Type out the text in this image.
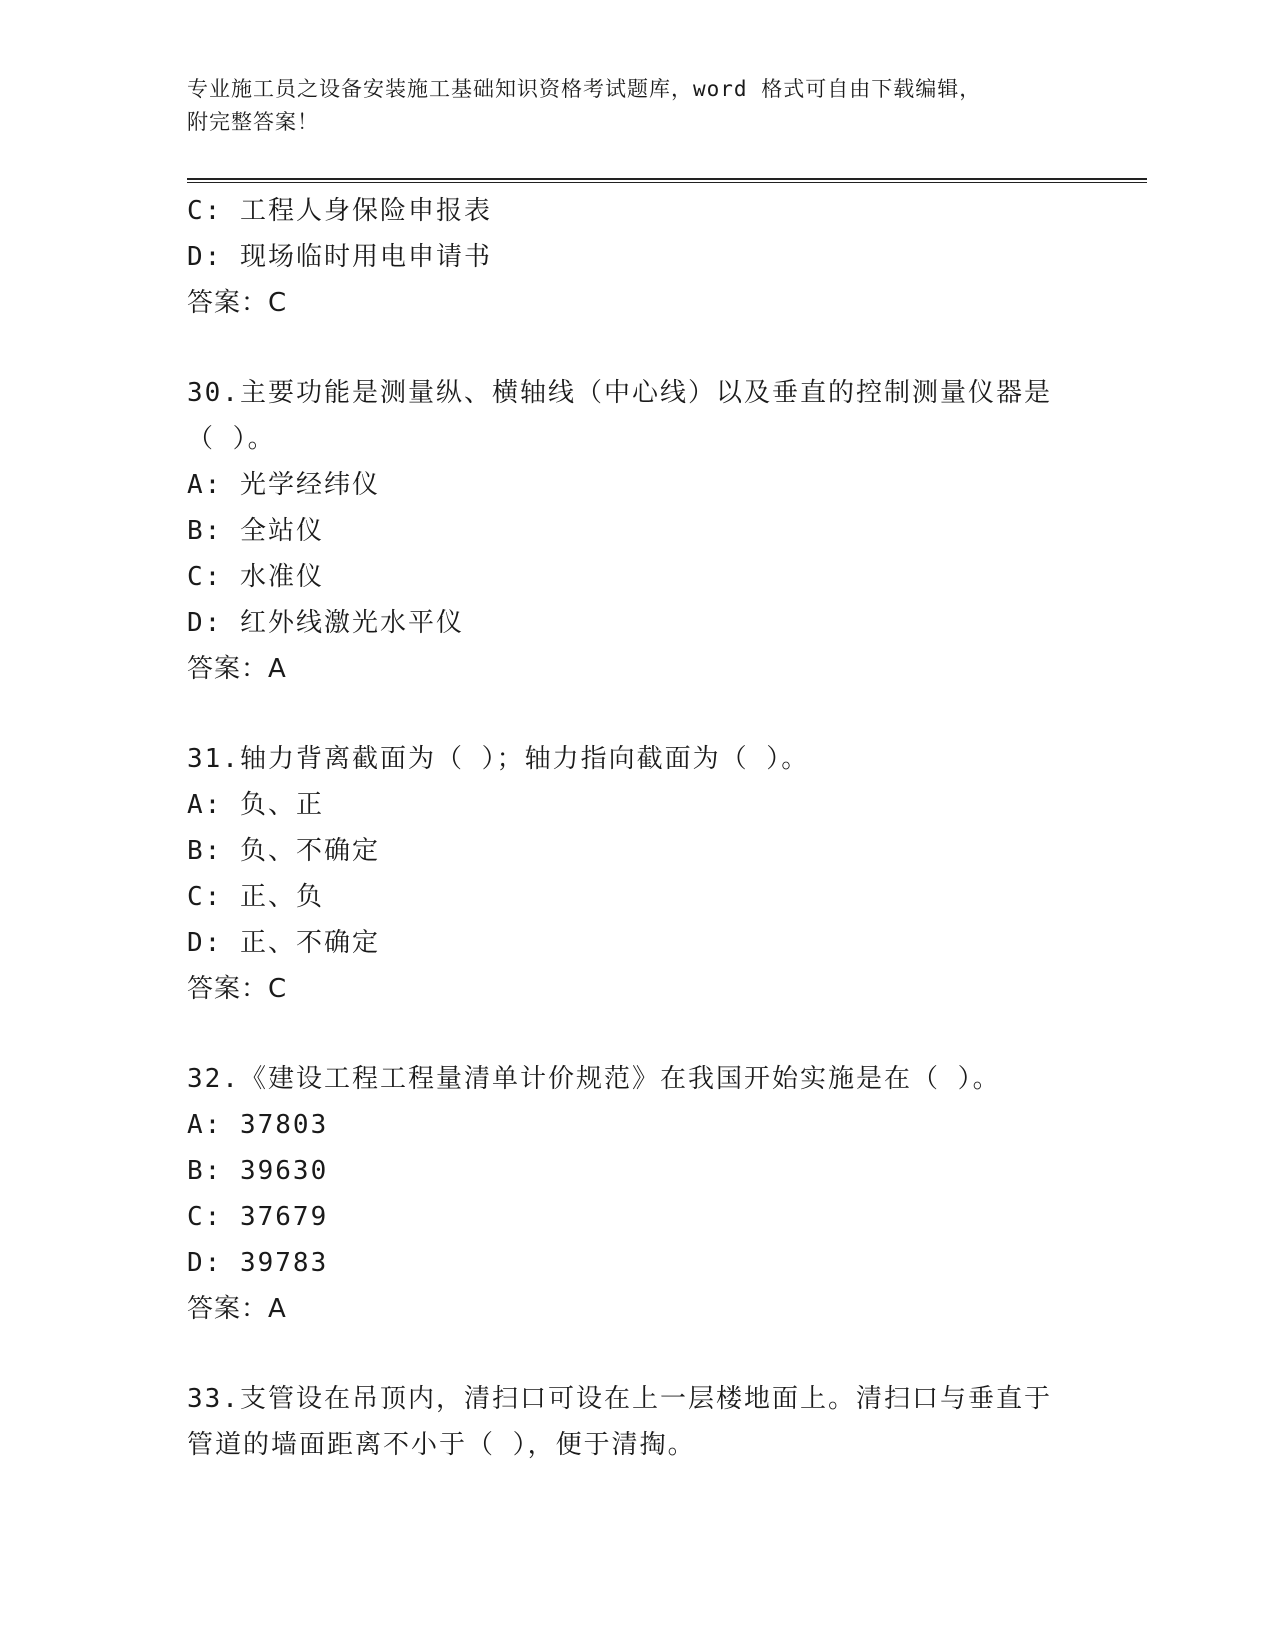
专业施工员之设备安装施工基础知识资格考试题库，word 格式可自由下载编辑，
附完整答案！
C: 工程人身保险申报表
D: 现场临时用电申请书
答案：C
30.主要功能是测量纵、横轴线（中心线）以及垂直的控制测量仪器是
（ ）。
A: 光学经纬仪
B: 全站仪
C: 水准仪
D: 红外线激光水平仪
答案：A
31.轴力背离截面为（ ）；轴力指向截面为（ ）。
A: 负、正
B: 负、不确定
C: 正、负
D: 正、不确定
答案：C
32.《建设工程工程量清单计价规范》在我国开始实施是在（ ）。
A: 37803
B: 39630
C: 37679
D: 39783
答案：A
33.支管设在吊顶内，清扫口可设在上一层楼地面上。清扫口与垂直于
管道的墙面距离不小于（ ），便于清掏。
